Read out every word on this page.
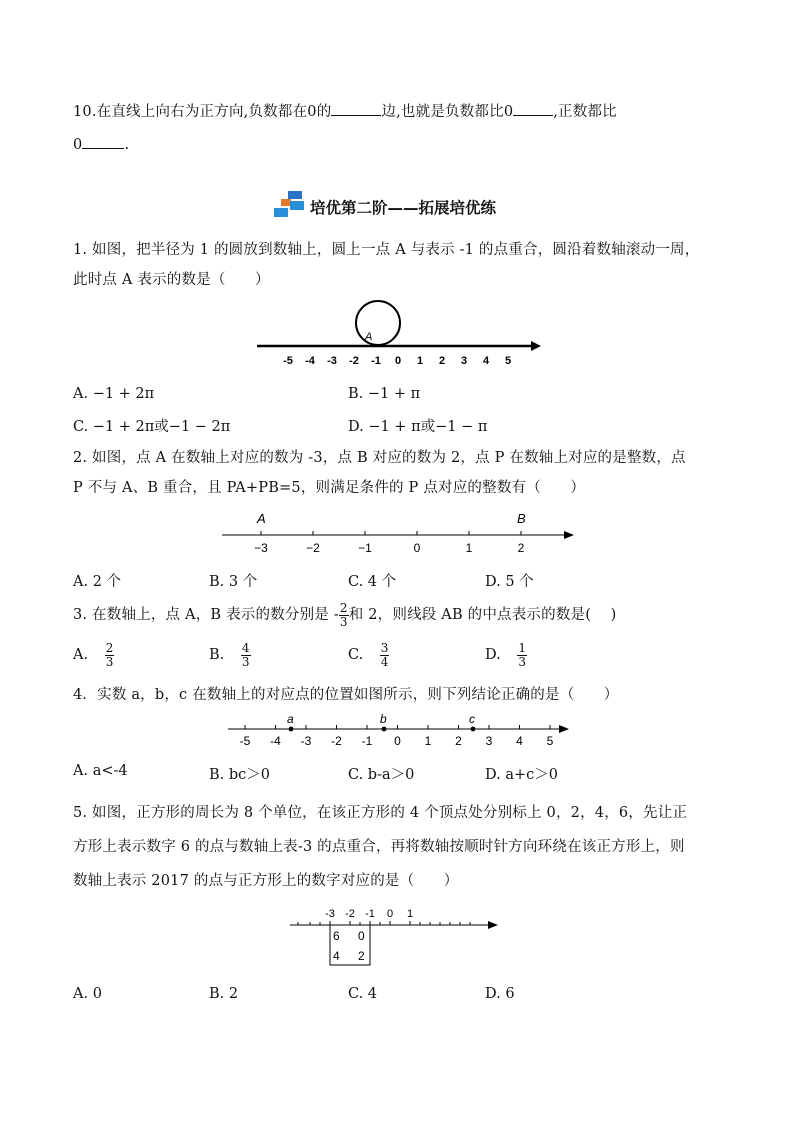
10.在直线上向右为正方向,负数都在0的	边,也就是负数都比0	,正数都比
0	.
培优第二阶——拓展培优练
1. 如图，把半径为 1 的圆放到数轴上，圆上一点 A 与表示 -1 的点重合，圆沿着数轴滚动一周，
此时点 A 表示的数是（　　）
A
-5 -4 -3 -2 -1 0 1 2 3 4 5
A. −1 + 2π	B. −1 + π
C. −1 + 2π或−1 − 2π	D. −1 + π或−1 − π
2. 如图，点 A 在数轴上对应的数为 -3，点 B 对应的数为 2，点 P 在数轴上对应的是整数，点
P 不与 A、B 重合，且 PA+PB=5，则满足条件的 P 点对应的整数有（　　）
A	B
−3	−2	−1	0	1	2
A. 2 个	B. 3 个	C. 4 个	D. 5 个
3. 在数轴上，点 A，B 表示的数分别是 - $\frac{2}{3}$ 和 2，则线段 AB 的中点表示的数是(　 )
A. $\frac{2}{3}$	B. $\frac{4}{3}$	C. $\frac{3}{4}$	D. $\frac{1}{3}$
4．实数 a，b，c 在数轴上的对应点的位置如图所示，则下列结论正确的是（　　）
-5 -4 -3 -2 -1 0 1 2 3 4 5
a	b	c
A. a<-4	B. bc＞0	C. b-a＞0	D. a+c＞0
5. 如图，正方形的周长为 8 个单位，在该正方形的 4 个顶点处分别标上 0，2，4，6，先让正
方形上表示数字 6 的点与数轴上表-3 的点重合，再将数轴按顺时针方向环绕在该正方形上，则
数轴上表示 2017 的点与正方形上的数字对应的是（　　）
-3 -2 -1 0 1
6 0
4 2
A. 0	B. 2	C. 4	D. 6
